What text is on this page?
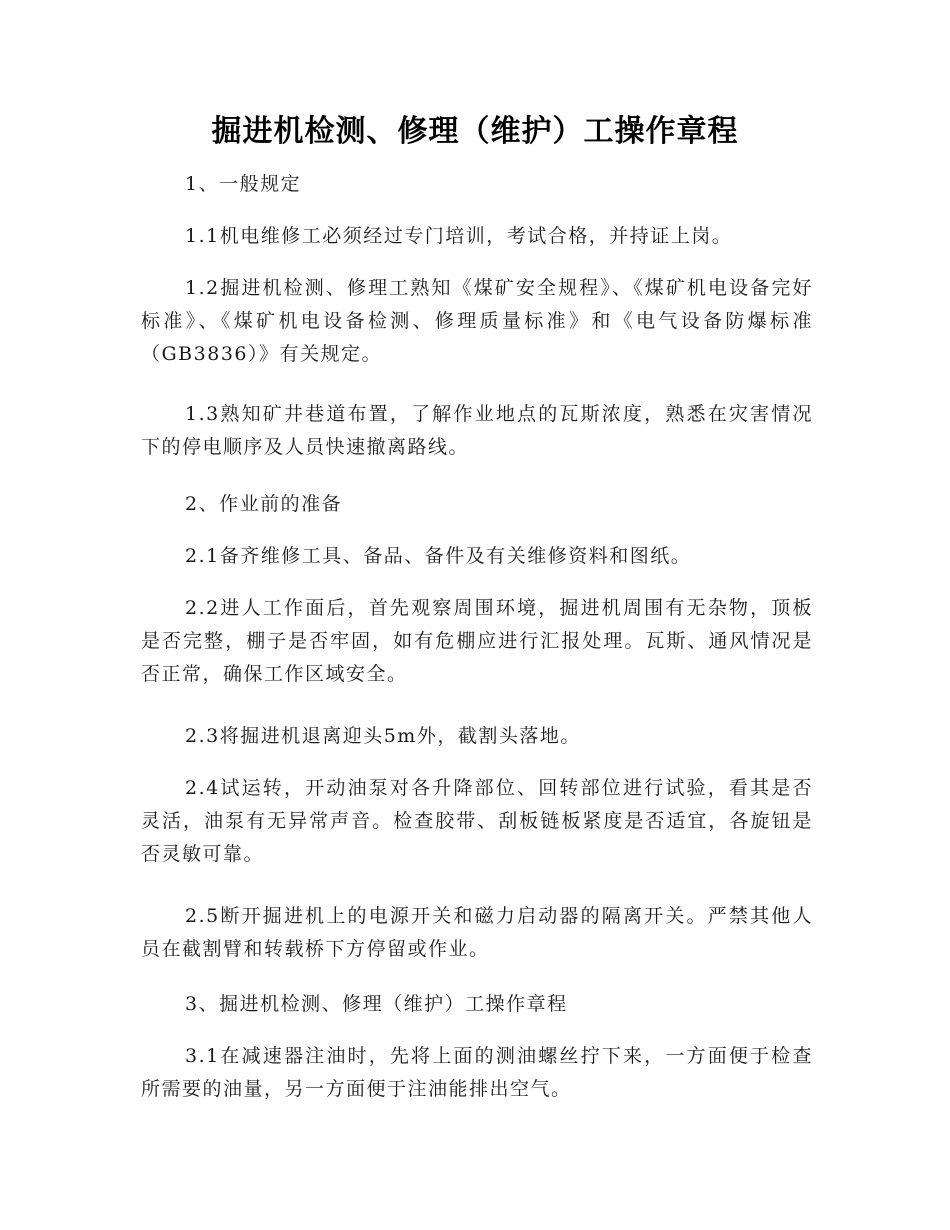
掘进机检测、修理（维护）工操作章程

1、一般规定

1.1机电维修工必须经过专门培训，考试合格，并持证上岗。

1.2掘进机检测、修理工熟知《煤矿安全规程》、《煤矿机电设备完好标准》、《煤矿机电设备检测、修理质量标准》和《电气设备防爆标准（GB3836）》有关规定。

1.3熟知矿井巷道布置，了解作业地点的瓦斯浓度，熟悉在灾害情况下的停电顺序及人员快速撤离路线。

2、作业前的准备

2.1备齐维修工具、备品、备件及有关维修资料和图纸。

2.2进人工作面后，首先观察周围环境，掘进机周围有无杂物，顶板是否完整，棚子是否牢固，如有危棚应进行汇报处理。瓦斯、通风情况是否正常，确保工作区域安全。

2.3将掘进机退离迎头5m外，截割头落地。

2.4试运转，开动油泵对各升降部位、回转部位进行试验，看其是否灵活，油泵有无异常声音。检查胶带、刮板链板紧度是否适宜，各旋钮是否灵敏可靠。

2.5断开掘进机上的电源开关和磁力启动器的隔离开关。严禁其他人员在截割臂和转载桥下方停留或作业。

3、掘进机检测、修理（维护）工操作章程

3.1在减速器注油时，先将上面的测油螺丝拧下来，一方面便于检查所需要的油量，另一方面便于注油能排出空气。
